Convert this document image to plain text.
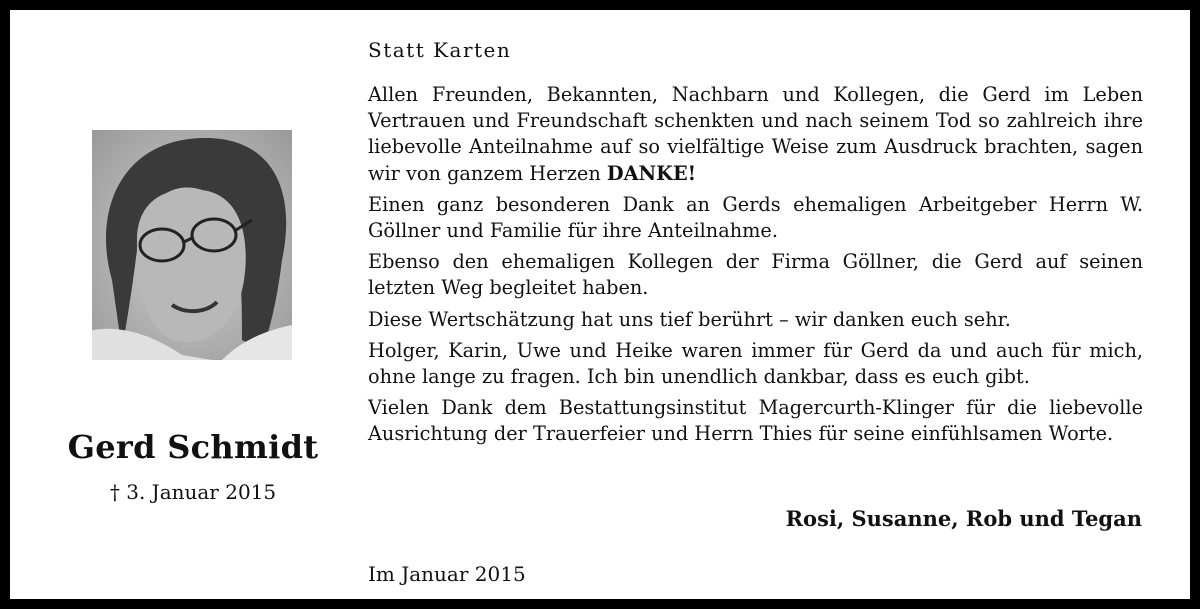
Gerd Schmidt
† 3. Januar 2015
Statt Karten

Allen Freunden, Bekannten, Nachbarn und Kollegen, die Gerd im Leben Vertrauen und Freundschaft schenkten und nach seinem Tod so zahlreich ihre liebevolle Anteilnahme auf so vielfältige Weise zum Ausdruck brachten, sagen wir von ganzem Herzen DANKE!

Einen ganz besonderen Dank an Gerds ehemaligen Arbeitgeber Herrn W. Göllner und Familie für ihre Anteilnahme.

Ebenso den ehemaligen Kollegen der Firma Göllner, die Gerd auf seinen letzten Weg begleitet haben.

Diese Wertschätzung hat uns tief berührt – wir danken euch sehr.

Holger, Karin, Uwe und Heike waren immer für Gerd da und auch für mich, ohne lange zu fragen. Ich bin unendlich dankbar, dass es euch gibt.

Vielen Dank dem Bestattungsinstitut Magercurth-Klinger für die liebevolle Ausrichtung der Trauerfeier und Herrn Thies für seine einfühlsamen Worte.

Rosi, Susanne, Rob und Tegan
Im Januar 2015
